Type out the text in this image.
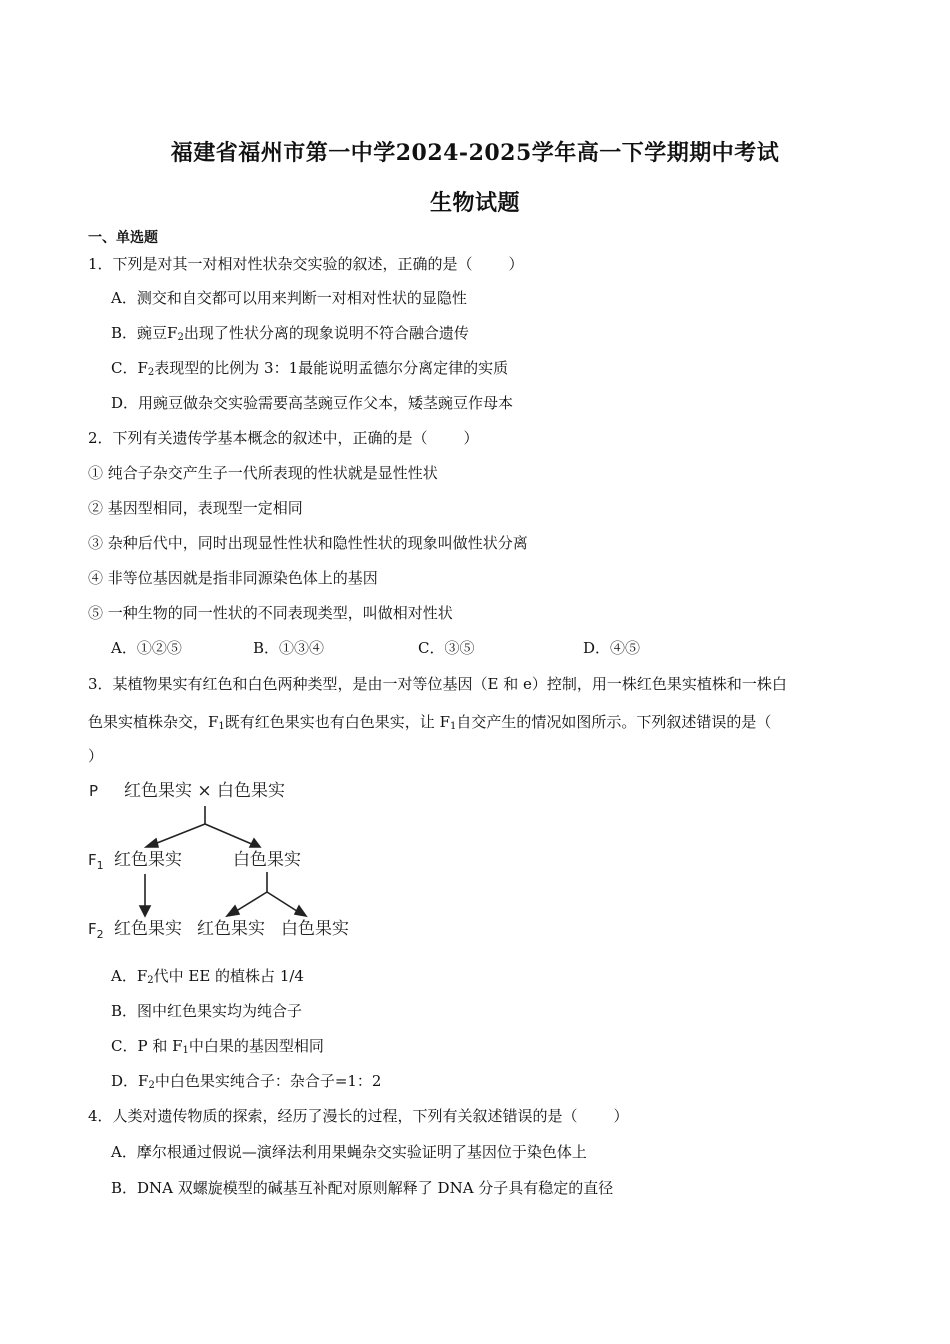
福建省福州市第一中学2024-2025学年高一下学期期中考试
生物试题
一、单选题
1．下列是对其一对相对性状杂交实验的叙述，正确的是（ ）
A．测交和自交都可以用来判断一对相对性状的显隐性
B．豌豆$F_2$出现了性状分离的现象说明不符合融合遗传
C．$F_2$表现型的比例为 3：1最能说明孟德尔分离定律的实质
D．用豌豆做杂交实验需要高茎豌豆作父本，矮茎豌豆作母本
2．下列有关遗传学基本概念的叙述中，正确的是（ ）
① 纯合子杂交产生子一代所表现的性状就是显性性状
② 基因型相同，表现型一定相同
③ 杂种后代中，同时出现显性性状和隐性性状的现象叫做性状分离
④ 非等位基因就是指非同源染色体上的基因
⑤ 一种生物的同一性状的不同表现类型，叫做相对性状
A．①②⑤	B．①③④	C．③⑤	D．④⑤
3．某植物果实有红色和白色两种类型，是由一对等位基因（E 和 e）控制，用一株红色果实植株和一株白
色果实植株杂交，$F_1$既有红色果实也有白色果实，让 $F_1$自交产生的情况如图所示。下列叙述错误的是（
）
P 红色果实 × 白色果实
$F_1$ 红色果实	白色果实
$F_2$ 红色果实 红色果实 白色果实
A．$F_2$代中 EE 的植株占 1/4
B．图中红色果实均为纯合子
C．P 和 $F_1$中白果的基因型相同
D．$F_2$中白色果实纯合子：杂合子=1：2
4．人类对遗传物质的探索，经历了漫长的过程，下列有关叙述错误的是（ ）
A．摩尔根通过假说—演绎法利用果蝇杂交实验证明了基因位于染色体上
B．DNA 双螺旋模型的碱基互补配对原则解释了 DNA 分子具有稳定的直径
